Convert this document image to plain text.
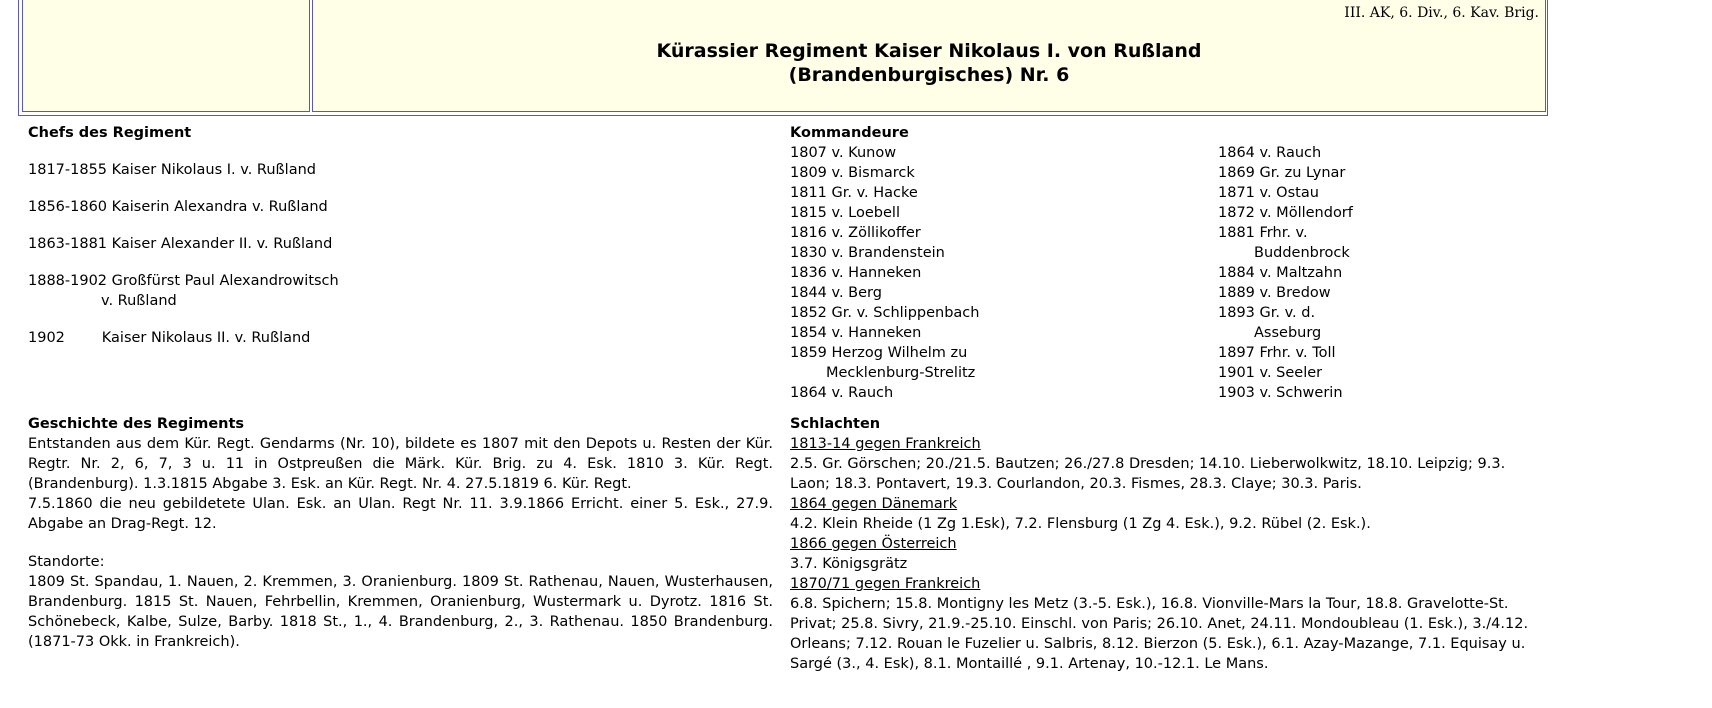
III. AK, 6. Div., 6. Kav. Brig.
Kürassier Regiment Kaiser Nikolaus I. von Rußland
(Brandenburgisches) Nr. 6
Chefs des Regiment
1817-1855 Kaiser Nikolaus I. v. Rußland
1856-1860 Kaiserin Alexandra v. Rußland
1863-1881 Kaiser Alexander II. v. Rußland
1888-1902 Großfürst Paul Alexandrowitsch
v. Rußland
1902        Kaiser Nikolaus II. v. Rußland
Kommandeure
1807 v. Kunow
1809 v. Bismarck
1811 Gr. v. Hacke
1815 v. Loebell
1816 v. Zöllikoffer
1830 v. Brandenstein
1836 v. Hanneken
1844 v. Berg
1852 Gr. v. Schlippenbach
1854 v. Hanneken
1859 Herzog Wilhelm zu
Mecklenburg-Strelitz
1864 v. Rauch
1864 v. Rauch
1869 Gr. zu Lynar
1871 v. Ostau
1872 v. Möllendorf
1881 Frhr. v.
Buddenbrock
1884 v. Maltzahn
1889 v. Bredow
1893 Gr. v. d.
Asseburg
1897 Frhr. v. Toll
1901 v. Seeler
1903 v. Schwerin
Geschichte des Regiments

Entstanden aus dem Kür. Regt. Gendarms (Nr. 10), bildete es 1807 mit den Depots u. Resten der Kür. Regtr. Nr. 2, 6, 7, 3 u. 11 in Ostpreußen die Märk. Kür. Brig. zu 4. Esk. 1810 3. Kür. Regt. (Brandenburg). 1.3.1815 Abgabe 3. Esk. an Kür. Regt. Nr. 4. 27.5.1819 6. Kür. Regt.

7.5.1860 die neu gebildetete Ulan. Esk. an Ulan. Regt Nr. 11. 3.9.1866 Erricht. einer 5. Esk., 27.9. Abgabe an Drag-Regt. 12.

Standorte:

1809 St. Spandau, 1. Nauen, 2. Kremmen, 3. Oranienburg. 1809 St. Rathenau, Nauen, Wusterhausen, Brandenburg. 1815 St. Nauen, Fehrbellin, Kremmen, Oranienburg, Wustermark u. Dyrotz. 1816 St. Schönebeck, Kalbe, Sulze, Barby. 1818 St., 1., 4. Brandenburg, 2., 3. Rathenau. 1850 Brandenburg. (1871-73 Okk. in Frankreich).

Schlachten
1813-14 gegen Frankreich

2.5. Gr. Görschen; 20./21.5. Bautzen; 26./27.8 Dresden; 14.10. Lieberwolkwitz, 18.10. Leipzig; 9.3. Laon; 18.3. Pontavert, 19.3. Courlandon, 20.3. Fismes, 28.3. Claye; 30.3. Paris.

1864 gegen Dänemark

4.2. Klein Rheide (1 Zg 1.Esk), 7.2. Flensburg (1 Zg 4. Esk.), 9.2. Rübel (2. Esk.).

1866 gegen Österreich

3.7. Königsgrätz

1870/71 gegen Frankreich

6.8. Spichern; 15.8. Montigny les Metz (3.-5. Esk.), 16.8. Vionville-Mars la Tour, 18.8. Gravelotte-St. Privat; 25.8. Sivry, 21.9.-25.10. Einschl. von Paris; 26.10. Anet, 24.11. Mondoubleau (1. Esk.), 3./4.12. Orleans; 7.12. Rouan le Fuzelier u. Salbris, 8.12. Bierzon (5. Esk.), 6.1. Azay-Mazange, 7.1. Equisay u. Sargé (3., 4. Esk), 8.1. Montaillé , 9.1. Artenay, 10.-12.1. Le Mans.
